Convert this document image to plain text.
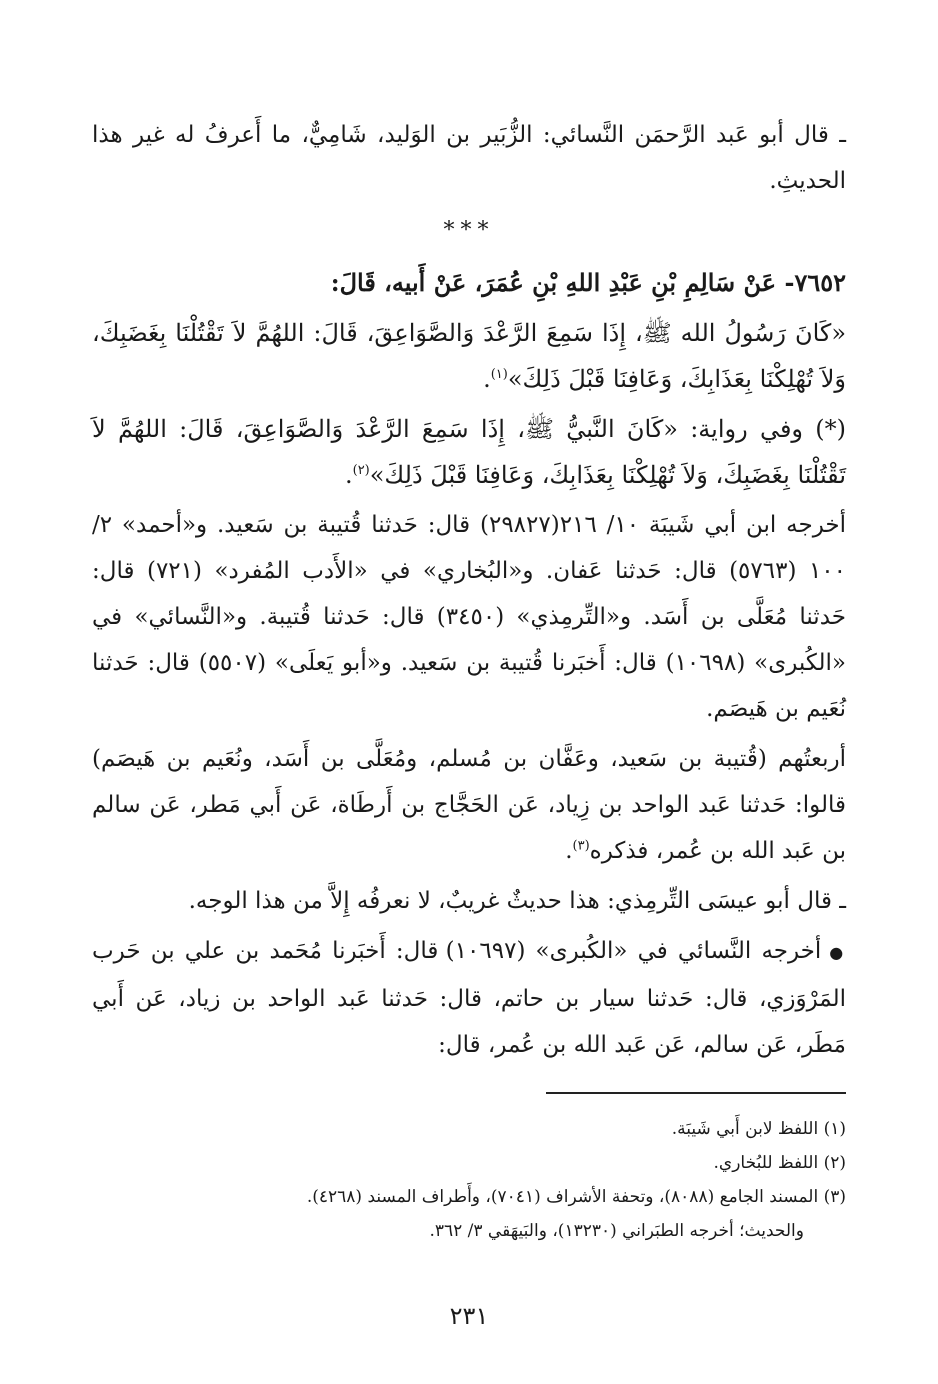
ـ قال أبو عَبد الرَّحمَن النَّسائي: الزُّبَير بن الوَليد، شَامِيٌّ، ما أَعرفُ له غير هذا الحديثِ.

***

٧٦٥٢- عَنْ سَالِمِ بْنِ عَبْدِ اللهِ بْنِ عُمَرَ، عَنْ أَبيه، قَالَ:

«كَانَ رَسُولُ الله ﷺ، إِذَا سَمِعَ الرَّعْدَ وَالصَّوَاعِقَ، قَالَ: اللهُمَّ لاَ تَقْتُلْنَا بِغَضَبِكَ، وَلاَ تُهْلِكْنَا بِعَذَابِكَ، وَعَافِنَا قَبْلَ ذَلِكَ»$^{(١)}$.

(*) وفي رواية: «كَانَ النَّبيُّ ﷺ، إِذَا سَمِعَ الرَّعْدَ وَالصَّوَاعِقَ، قَالَ: اللهُمَّ لاَ تَقْتُلْنَا بِغَضَبِكَ، وَلاَ تُهْلِكْنَا بِعَذَابِكَ، وَعَافِنَا قَبْلَ ذَلِكَ»$^{(٢)}$.

أخرجه ابن أبي شَيبَة ١٠/ ٢١٦(٢٩٨٢٧) قال: حَدثنا قُتيبة بن سَعيد. و«أحمد» ٢/ ١٠٠ (٥٧٦٣) قال: حَدثنا عَفان. و«البُخاري» في «الأَدب المُفرد» (٧٢١) قال: حَدثنا مُعَلَّى بن أَسَد. و«التِّرمِذي» (٣٤٥٠) قال: حَدثنا قُتيبة. و«النَّسائي» في «الكُبرى» (١٠٦٩٨) قال: أَخبَرنا قُتيبة بن سَعيد. و«أبو يَعلَى» (٥٥٠٧) قال: حَدثنا نُعَيم بن هَيصَم.

أربعتُهم (قُتيبة بن سَعيد، وعَفَّان بن مُسلم، ومُعَلَّى بن أَسَد، ونُعَيم بن هَيصَم) قالوا: حَدثنا عَبد الواحد بن زِياد، عَن الحَجَّاج بن أَرطَاة، عَن أَبي مَطر، عَن سالم بن عَبد الله بن عُمر، فذكره$^{(٣)}$.

ـ قال أبو عيسَى التِّرمِذي: هذا حديثٌ غريبٌ، لا نعرفُه إِلاَّ من هذا الوجه.

● أخرجه النَّسائي في «الكُبرى» (١٠٦٩٧) قال: أَخبَرنا مُحَمد بن علي بن حَرب المَرْوَزي، قال: حَدثنا سيار بن حاتم، قال: حَدثنا عَبد الواحد بن زياد، عَن أَبي مَطَر، عَن سالم، عَن عَبد الله بن عُمر، قال:

(١) اللفظ لابن أَبي شَيبَة.

(٢) اللفظ للبُخاري.

(٣) المسند الجامع (٨٠٨٨)، وتحفة الأشراف (٧٠٤١)، وأَطراف المسند (٤٢٦٨).

والحديث؛ أخرجه الطبَراني (١٣٢٣٠)، والبَيهَقي ٣/ ٣٦٢.

٢٣١
